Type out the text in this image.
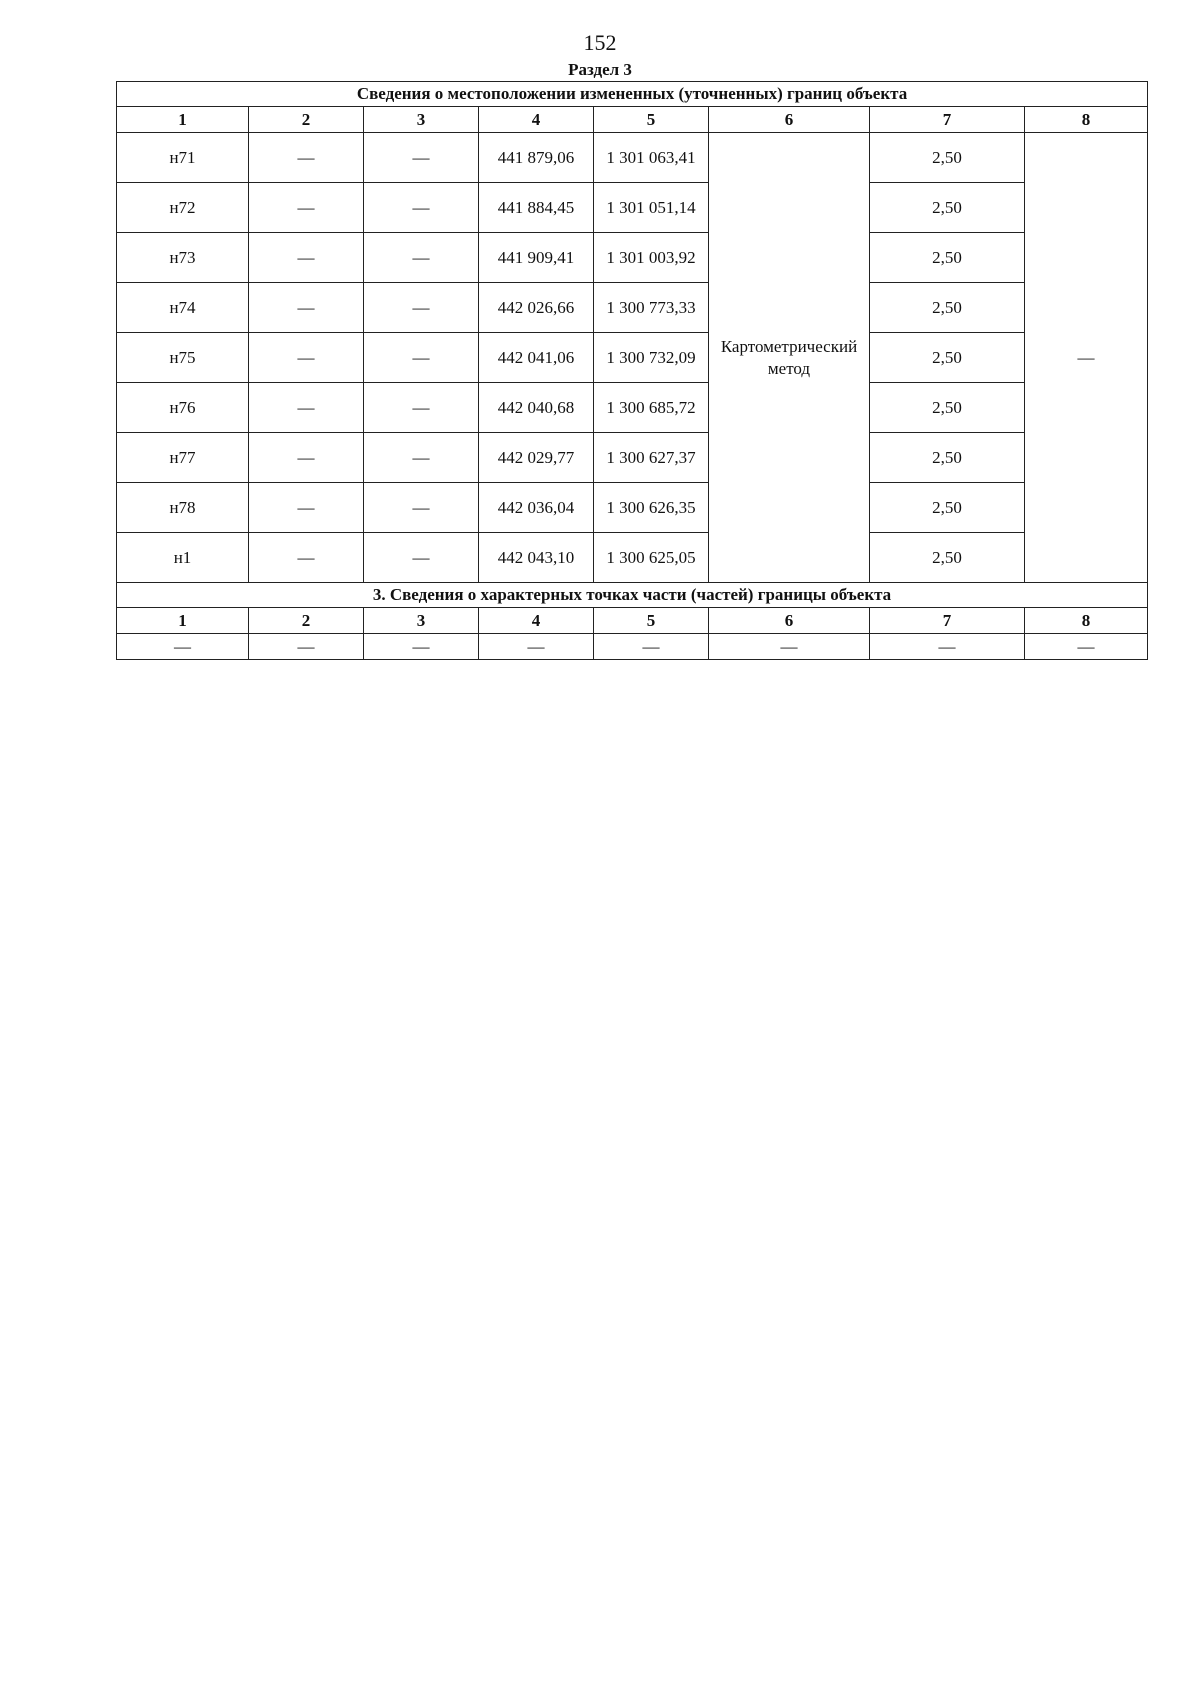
152
Раздел 3
Сведения о местоположении измененных (уточненных) границ объекта							
1	2	3	4	5	6	7	8
н71	—	—	441 879,06	1 301 063,41	Картометрический метод	2,50	—
н72	—	—	441 884,45	1 301 051,14		2,50	
н73	—	—	441 909,41	1 301 003,92		2,50	
н74	—	—	442 026,66	1 300 773,33		2,50	
н75	—	—	442 041,06	1 300 732,09		2,50	
н76	—	—	442 040,68	1 300 685,72		2,50	
н77	—	—	442 029,77	1 300 627,37		2,50	
н78	—	—	442 036,04	1 300 626,35		2,50	
н1	—	—	442 043,10	1 300 625,05		2,50	
3. Сведения о характерных точках части (частей) границы объекта							
1	2	3	4	5	6	7	8
—	—	—	—	—	—	—	—
